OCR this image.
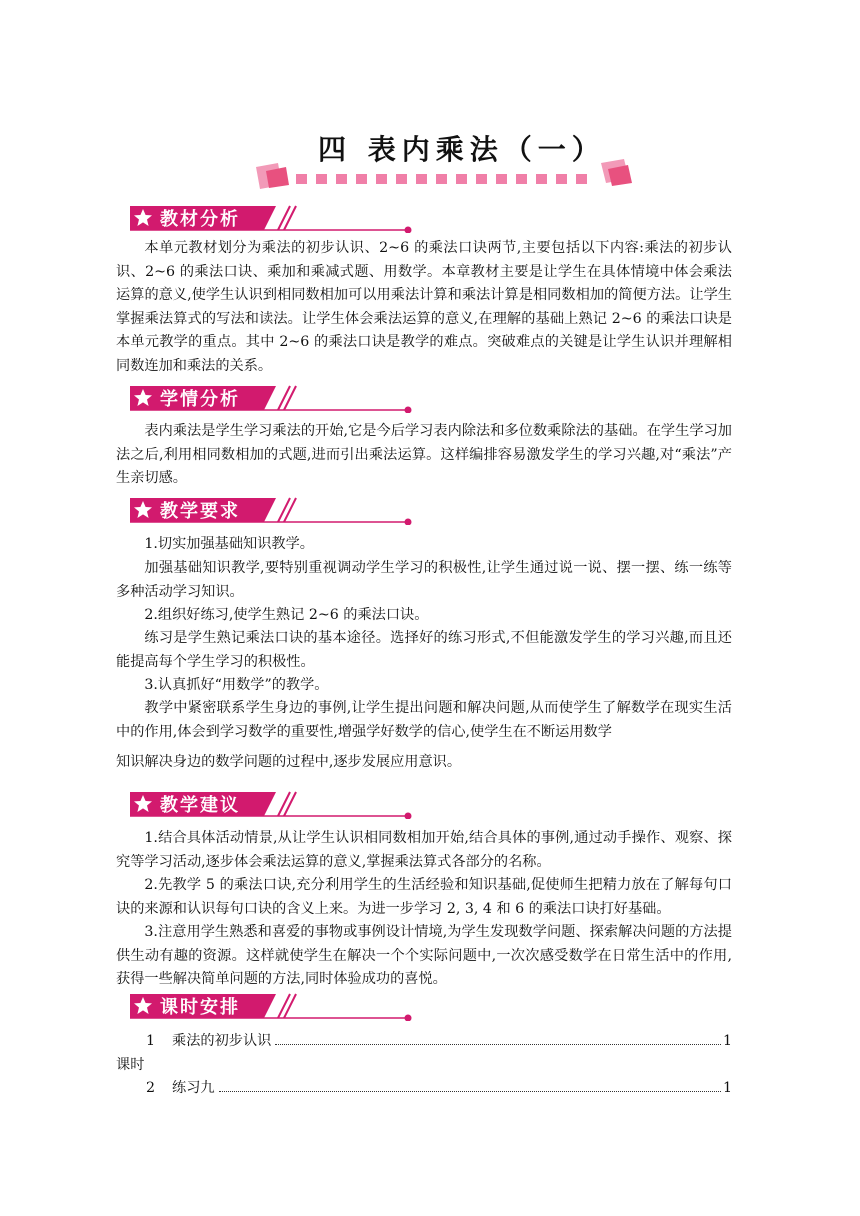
四 表内乘法（一）
教材分析

本单元教材划分为乘法的初步认识、2~6 的乘法口诀两节,主要包括以下内容:乘法的初步认识、2~6 的乘法口诀、乘加和乘减式题、用数学。本章教材主要是让学生在具体情境中体会乘法运算的意义,使学生认识到相同数相加可以用乘法计算和乘法计算是相同数相加的简便方法。让学生掌握乘法算式的写法和读法。让学生体会乘法运算的意义,在理解的基础上熟记 2~6 的乘法口诀是本单元教学的重点。其中 2~6 的乘法口诀是教学的难点。突破难点的关键是让学生认识并理解相同数连加和乘法的关系。

学情分析

表内乘法是学生学习乘法的开始,它是今后学习表内除法和多位数乘除法的基础。在学生学习加法之后,利用相同数相加的式题,进而引出乘法运算。这样编排容易激发学生的学习兴趣,对“乘法”产生亲切感。

教学要求

1.切实加强基础知识教学。

加强基础知识教学,要特别重视调动学生学习的积极性,让学生通过说一说、摆一摆、练一练等多种活动学习知识。

2.组织好练习,使学生熟记 2~6 的乘法口诀。

练习是学生熟记乘法口诀的基本途径。选择好的练习形式,不但能激发学生的学习兴趣,而且还能提高每个学生学习的积极性。

3.认真抓好“用数学”的教学。

教学中紧密联系学生身边的事例,让学生提出问题和解决问题,从而使学生了解数学在现实生活中的作用,体会到学习数学的重要性,增强学好数学的信心,使学生在不断运用数学

知识解决身边的数学问题的过程中,逐步发展应用意识。

教学建议

1.结合具体活动情景,从让学生认识相同数相加开始,结合具体的事例,通过动手操作、观察、探究等学习活动,逐步体会乘法运算的意义,掌握乘法算式各部分的名称。

2.先教学 5 的乘法口诀,充分利用学生的生活经验和知识基础,促使师生把精力放在了解每句口诀的来源和认识每句口诀的含义上来。为进一步学习 2, 3, 4 和 6 的乘法口诀打好基础。

3.注意用学生熟悉和喜爱的事物或事例设计情境,为学生发现数学问题、探索解决问题的方法提供生动有趣的资源。这样就使学生在解决一个个实际问题中,一次次感受数学在日常生活中的作用,获得一些解决简单问题的方法,同时体验成功的喜悦。

课时安排
1	乘法的初步认识	1
课时
2	练习九	1
